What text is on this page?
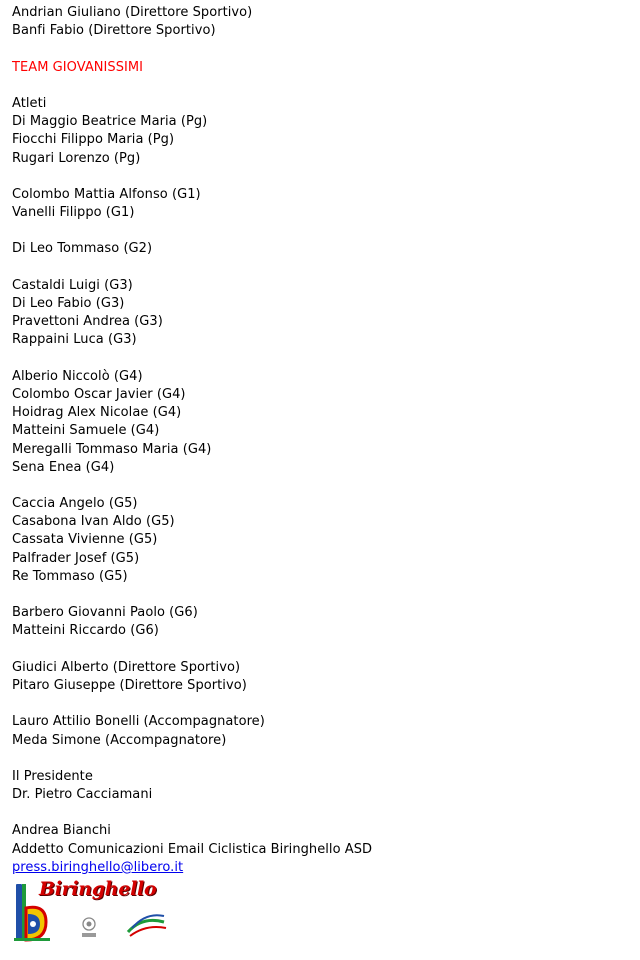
Andrian Giuliano (Direttore Sportivo)
Banfi Fabio (Direttore Sportivo)
TEAM GIOVANISSIMI
Atleti
Di Maggio Beatrice Maria (Pg)
Fiocchi Filippo Maria (Pg)
Rugari Lorenzo (Pg)
Colombo Mattia Alfonso (G1)
Vanelli Filippo (G1)
Di Leo Tommaso (G2)
Castaldi Luigi (G3)
Di Leo Fabio (G3)
Pravettoni Andrea (G3)
Rappaini Luca (G3)
Alberio Niccolò (G4)
Colombo Oscar Javier (G4)
Hoidrag Alex Nicolae (G4)
Matteini Samuele (G4)
Meregalli Tommaso Maria (G4)
Sena Enea (G4)
Caccia Angelo (G5)
Casabona Ivan Aldo (G5)
Cassata Vivienne (G5)
Palfrader Josef (G5)
Re Tommaso (G5)
Barbero Giovanni Paolo (G6)
Matteini Riccardo (G6)
Giudici Alberto (Direttore Sportivo)
Pitaro Giuseppe (Direttore Sportivo)
Lauro Attilio Bonelli (Accompagnatore)
Meda Simone (Accompagnatore)
Il Presidente
Dr. Pietro Cacciamani
Andrea Bianchi
Addetto Comunicazioni Email Ciclistica Biringhello ASD
press.biringhello@libero.it
Biringhello
